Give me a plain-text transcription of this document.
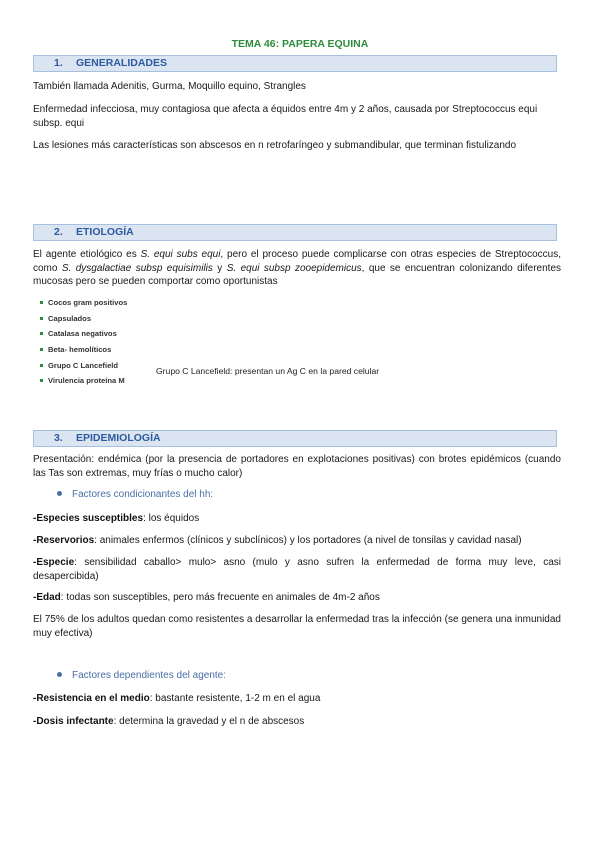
TEMA 46: PAPERA EQUINA
1. GENERALIDADES
También llamada Adenitis, Gurma, Moquillo equino, Strangles
Enfermedad infecciosa, muy contagiosa que afecta a équidos entre 4m y 2 años, causada por Streptococcus equi subsp. equi
Las lesiones más características son abscesos en n retrofaríngeo y submandibular, que terminan fistulizando
2. ETIOLOGÍA
El agente etiológico es S. equi subs equi, pero el proceso puede complicarse con otras especies de Streptococcus, como S. dysgalactiae subsp equisimilis y S. equi subsp zooepidemicus, que se encuentran colonizando diferentes mucosas pero se pueden comportar como oportunistas
Cocos gram positivos
Capsulados
Catalasa negativos
Beta- hemolíticos
Grupo C Lancefield
Virulencia proteína M
Grupo C Lancefield: presentan un Ag C en la pared celular
3. EPIDEMIOLOGÍA
Presentación: endémica (por la presencia de portadores en explotaciones positivas) con brotes epidémicos (cuando las Tas son extremas, muy frías o mucho calor)
Factores condicionantes del hh:
-Especies susceptibles: los équidos
-Reservorios: animales enfermos (clínicos y subclínicos) y los portadores (a nivel de tonsilas y cavidad nasal)
-Especie: sensibilidad caballo> mulo> asno (mulo y asno sufren la enfermedad de forma muy leve, casi desapercibida)
-Edad: todas son susceptibles, pero más frecuente en animales de 4m-2 años
El 75% de los adultos quedan como resistentes a desarrollar la enfermedad tras la infección (se genera una inmunidad muy efectiva)
Factores dependientes del agente:
-Resistencia en el medio: bastante resistente, 1-2 m en el agua
-Dosis infectante: determina la gravedad y el n de abscesos
